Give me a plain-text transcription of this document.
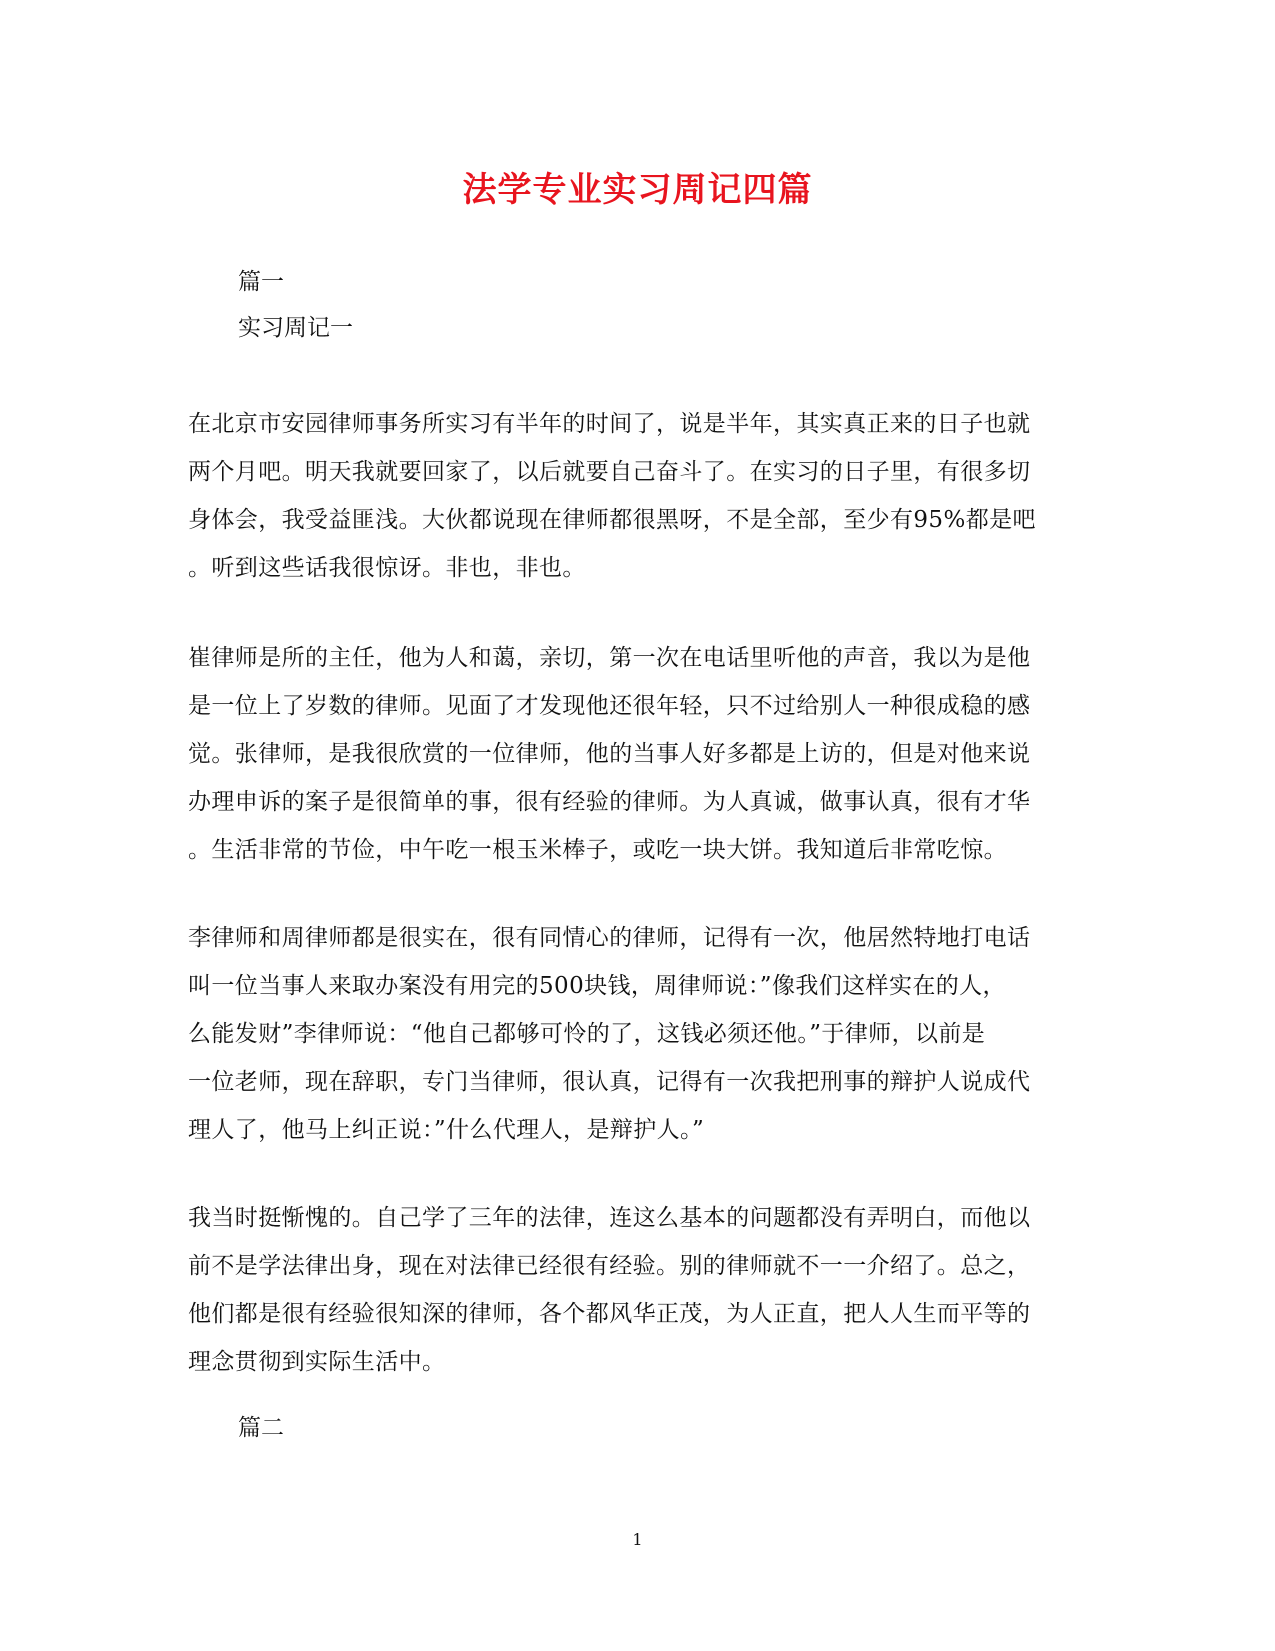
法学专业实习周记四篇
篇一
实习周记一
在北京市安园律师事务所实习有半年的时间了，说是半年，其实真正来的日子也就
两个月吧。明天我就要回家了，以后就要自己奋斗了。在实习的日子里，有很多切
身体会，我受益匪浅。大伙都说现在律师都很黑呀，不是全部，至少有95%都是吧
。听到这些话我很惊讶。非也，非也。
崔律师是所的主任，他为人和蔼，亲切，第一次在电话里听他的声音，我以为是他
是一位上了岁数的律师。见面了才发现他还很年轻，只不过给别人一种很成稳的感
觉。张律师，是我很欣赏的一位律师，他的当事人好多都是上访的，但是对他来说
办理申诉的案子是很简单的事，很有经验的律师。为人真诚，做事认真，很有才华
。生活非常的节俭，中午吃一根玉米棒子，或吃一块大饼。我知道后非常吃惊。
李律师和周律师都是很实在，很有同情心的律师，记得有一次，他居然特地打电话
叫一位当事人来取办案没有用完的500块钱，周律师说：”像我们这样实在的人，
么能发财”李律师说：“他自己都够可怜的了，这钱必须还他。”于律师，以前是
一位老师，现在辞职，专门当律师，很认真，记得有一次我把刑事的辩护人说成代
理人了，他马上纠正说：”什么代理人，是辩护人。”
我当时挺惭愧的。自己学了三年的法律，连这么基本的问题都没有弄明白，而他以
前不是学法律出身，现在对法律已经很有经验。别的律师就不一一介绍了。总之，
他们都是很有经验很知深的律师，各个都风华正茂，为人正直，把人人生而平等的
理念贯彻到实际生活中。
篇二
1
